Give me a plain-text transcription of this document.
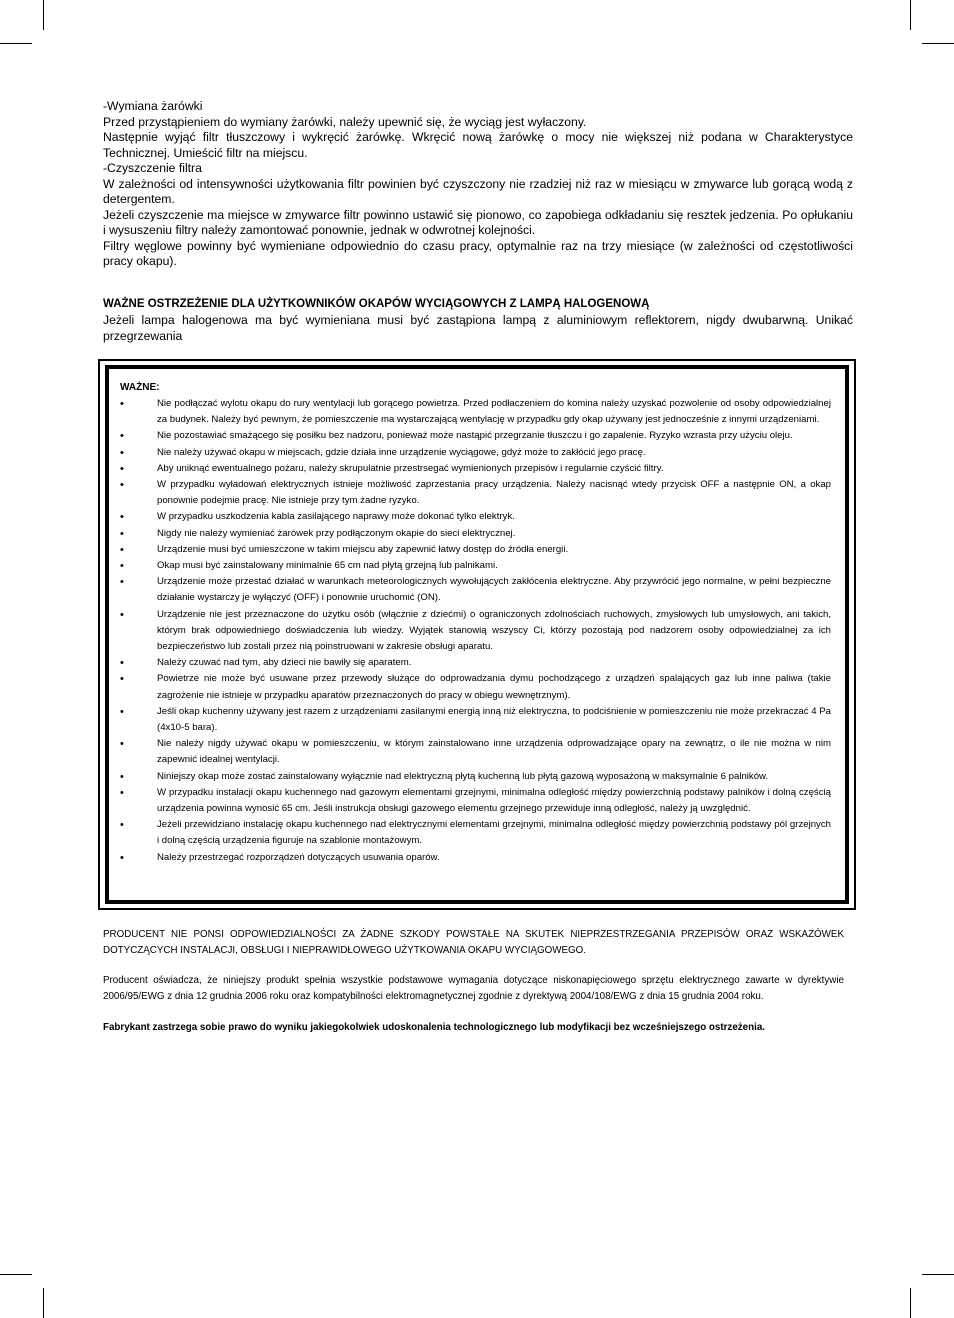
-Wymiana żarówki

Przed przystąpieniem do wymiany żarówki, należy upewnić się, że wyciąg jest wyłaczony.

Następnie wyjąć filtr tłuszczowy i wykręcić żarówkę. Wkręcić nową żarówkę o mocy nie większej niż podana w Charakterystyce Technicznej. Umieścić filtr na miejscu.

-Czyszczenie filtra

W zależności od intensywności użytkowania filtr powinien być czyszczony nie rzadziej niż raz w miesiącu w zmywarce lub gorącą wodą z detergentem.

Jeżeli czyszczenie ma miejsce w zmywarce filtr powinno ustawić się pionowo, co zapobiega odkładaniu się resztek jedzenia. Po opłukaniu i wysuszeniu filtry należy zamontować ponownie, jednak w odwrotnej kolejności.

Filtry węglowe powinny być wymieniane odpowiednio do czasu pracy, optymalnie raz na trzy miesiące (w zależności od częstotliwości pracy okapu).

WAŻNE OSTRZEŻENIE DLA UŻYTKOWNIKÓW OKAPÓW WYCIĄGOWYCH Z LAMPĄ HALOGENOWĄ
Jeżeli lampa halogenowa ma być wymieniana musi być zastąpiona lampą z aluminiowym reflektorem, nigdy dwubarwną. Unikać przegrzewania
WAŻNE:
•	Nie podłączać wylotu okapu do rury wentylacji lub gorącego powietrza. Przed podłaczeniem do komina należy uzyskać pozwolenie od osoby odpowiedzialnej za budynek. Należy być pewnym, że pomieszczenie ma wystarczającą wentylację w przypadku gdy okap używany jest jednocześnie z innymi urządzeniami.
•	Nie pozostawiać smażącego się posiłku bez nadzoru, ponieważ może nastąpić przegrzanie tłuszczu i go zapalenie. Ryzyko wzrasta przy użyciu oleju.
•	Nie należy używać okapu w miejscach, gdzie działa inne urządzenie wyciągowe, gdyż może to zakłócić jego pracę.
•	Aby uniknąć ewentualnego pożaru, należy skrupulatnie przestrsegać wymienionych przepisów i regularnie czyścić filtry.
•	W przypadku wyładowań elektrycznych istnieje możliwość zaprzestania pracy urządzenia. Należy nacisnąć wtedy przycisk OFF a następnie ON, a okap ponownie podejmie pracę. Nie istnieje przy tym żadne ryzyko.
•	W przypadku uszkodzenia kabla zasilającego naprawy może dokonać tylko elektryk.
•	Nigdy nie należy wymieniać żarówek przy podłączonym okapie do sieci elektrycznej.
•	Urządzenie musi być umieszczone w takim miejscu aby zapewnić łatwy dostęp do źródła energii.
•	Okap musi być zainstalowany minimalnie 65 cm nad płytą grzejną lub palnikami.
•	Urządzenie może przestać działać w warunkach meteorologicznych wywołujących zakłócenia elektryczne. Aby przywrócić jego normalne, w pełni bezpieczne działanie wystarczy je wyłączyć (OFF) i ponownie uruchomić (ON).
•	Urządzenie nie jest przeznaczone do użytku osób (włącznie z dziećmi) o ograniczonych zdolnościach ruchowych, zmysłowych lub umysłowych, ani takich, którym brak odpowiedniego doświadczenia lub wiedzy. Wyjątek stanowią wszyscy Ci, którzy pozostają pod nadzorem osoby odpowiedzialnej za ich bezpieczeństwo lub zostali przez nią poinstruowani w zakresie obsługi aparatu.
•	Należy czuwać nad tym, aby dzieci nie bawiły się aparatem.
•	Powietrze nie może być usuwane przez przewody służące do odprowadzania dymu pochodzącego z urządzeń spalających gaz lub inne paliwa (takie zagrożenie nie istnieje w przypadku aparatów przeznaczonych do pracy w obiegu wewnętrznym).
•	Jeśli okap kuchenny używany jest razem z urządzeniami zasilanymi energią inną niż elektryczna, to podciśnienie w pomieszczeniu nie może przekraczać 4 Pa (4x10-5 bara).
•	Nie należy nigdy używać okapu w pomieszczeniu, w którym zainstalowano inne urządzenia odprowadzające opary na zewnątrz, o ile nie można w nim zapewnić idealnej wentylacji.
•	Niniejszy okap może zostać zainstalowany wyłącznie nad elektryczną płytą kuchenną lub płytą gazową wyposażoną w maksymalnie 6 palników.
•	W przypadku instalacji okapu kuchennego nad gazowym elementami grzejnymi, minimalna odległość między powierzchnią podstawy palników i dolną częścią urządzenia powinna wynosić 65 cm. Jeśli instrukcja obsługi gazowego elementu grzejnego przewiduje inną odległość, należy ją uwzględnić.
•	Jeżeli przewidziano instalację okapu kuchennego nad elektrycznymi elementami grzejnymi, minimalna odległość między powierzchnią podstawy pól grzejnych i dolną częścią urządzenia figuruje na szablonie montażowym.
•	Należy przestrzegać rozporządzeń dotyczących usuwania oparów.
PRODUCENT NIE PONSI ODPOWIEDZIALNOŚCI ZA ŻADNE SZKODY POWSTAŁE NA SKUTEK NIEPRZESTRZEGANIA PRZEPISÓW ORAZ WSKAZÓWEK DOTYCZĄCYCH INSTALACJI, OBSŁUGI I NIEPRAWIDŁOWEGO UŻYTKOWANIA OKAPU WYCIĄGOWEGO.
Producent oświadcza, że niniejszy produkt spełnia wszystkie podstawowe wymagania dotyczące niskonapięciowego sprzętu elektrycznego zawarte w dyrektywie 2006/95/EWG z dnia 12 grudnia 2006 roku oraz kompatybilności elektromagnetycznej zgodnie z dyrektywą 2004/108/EWG z dnia 15 grudnia 2004 roku.
Fabrykant zastrzega sobie prawo do wyniku jakiegokolwiek udoskonalenia technologicznego lub modyfikacji bez wcześniejszego ostrzeżenia.
